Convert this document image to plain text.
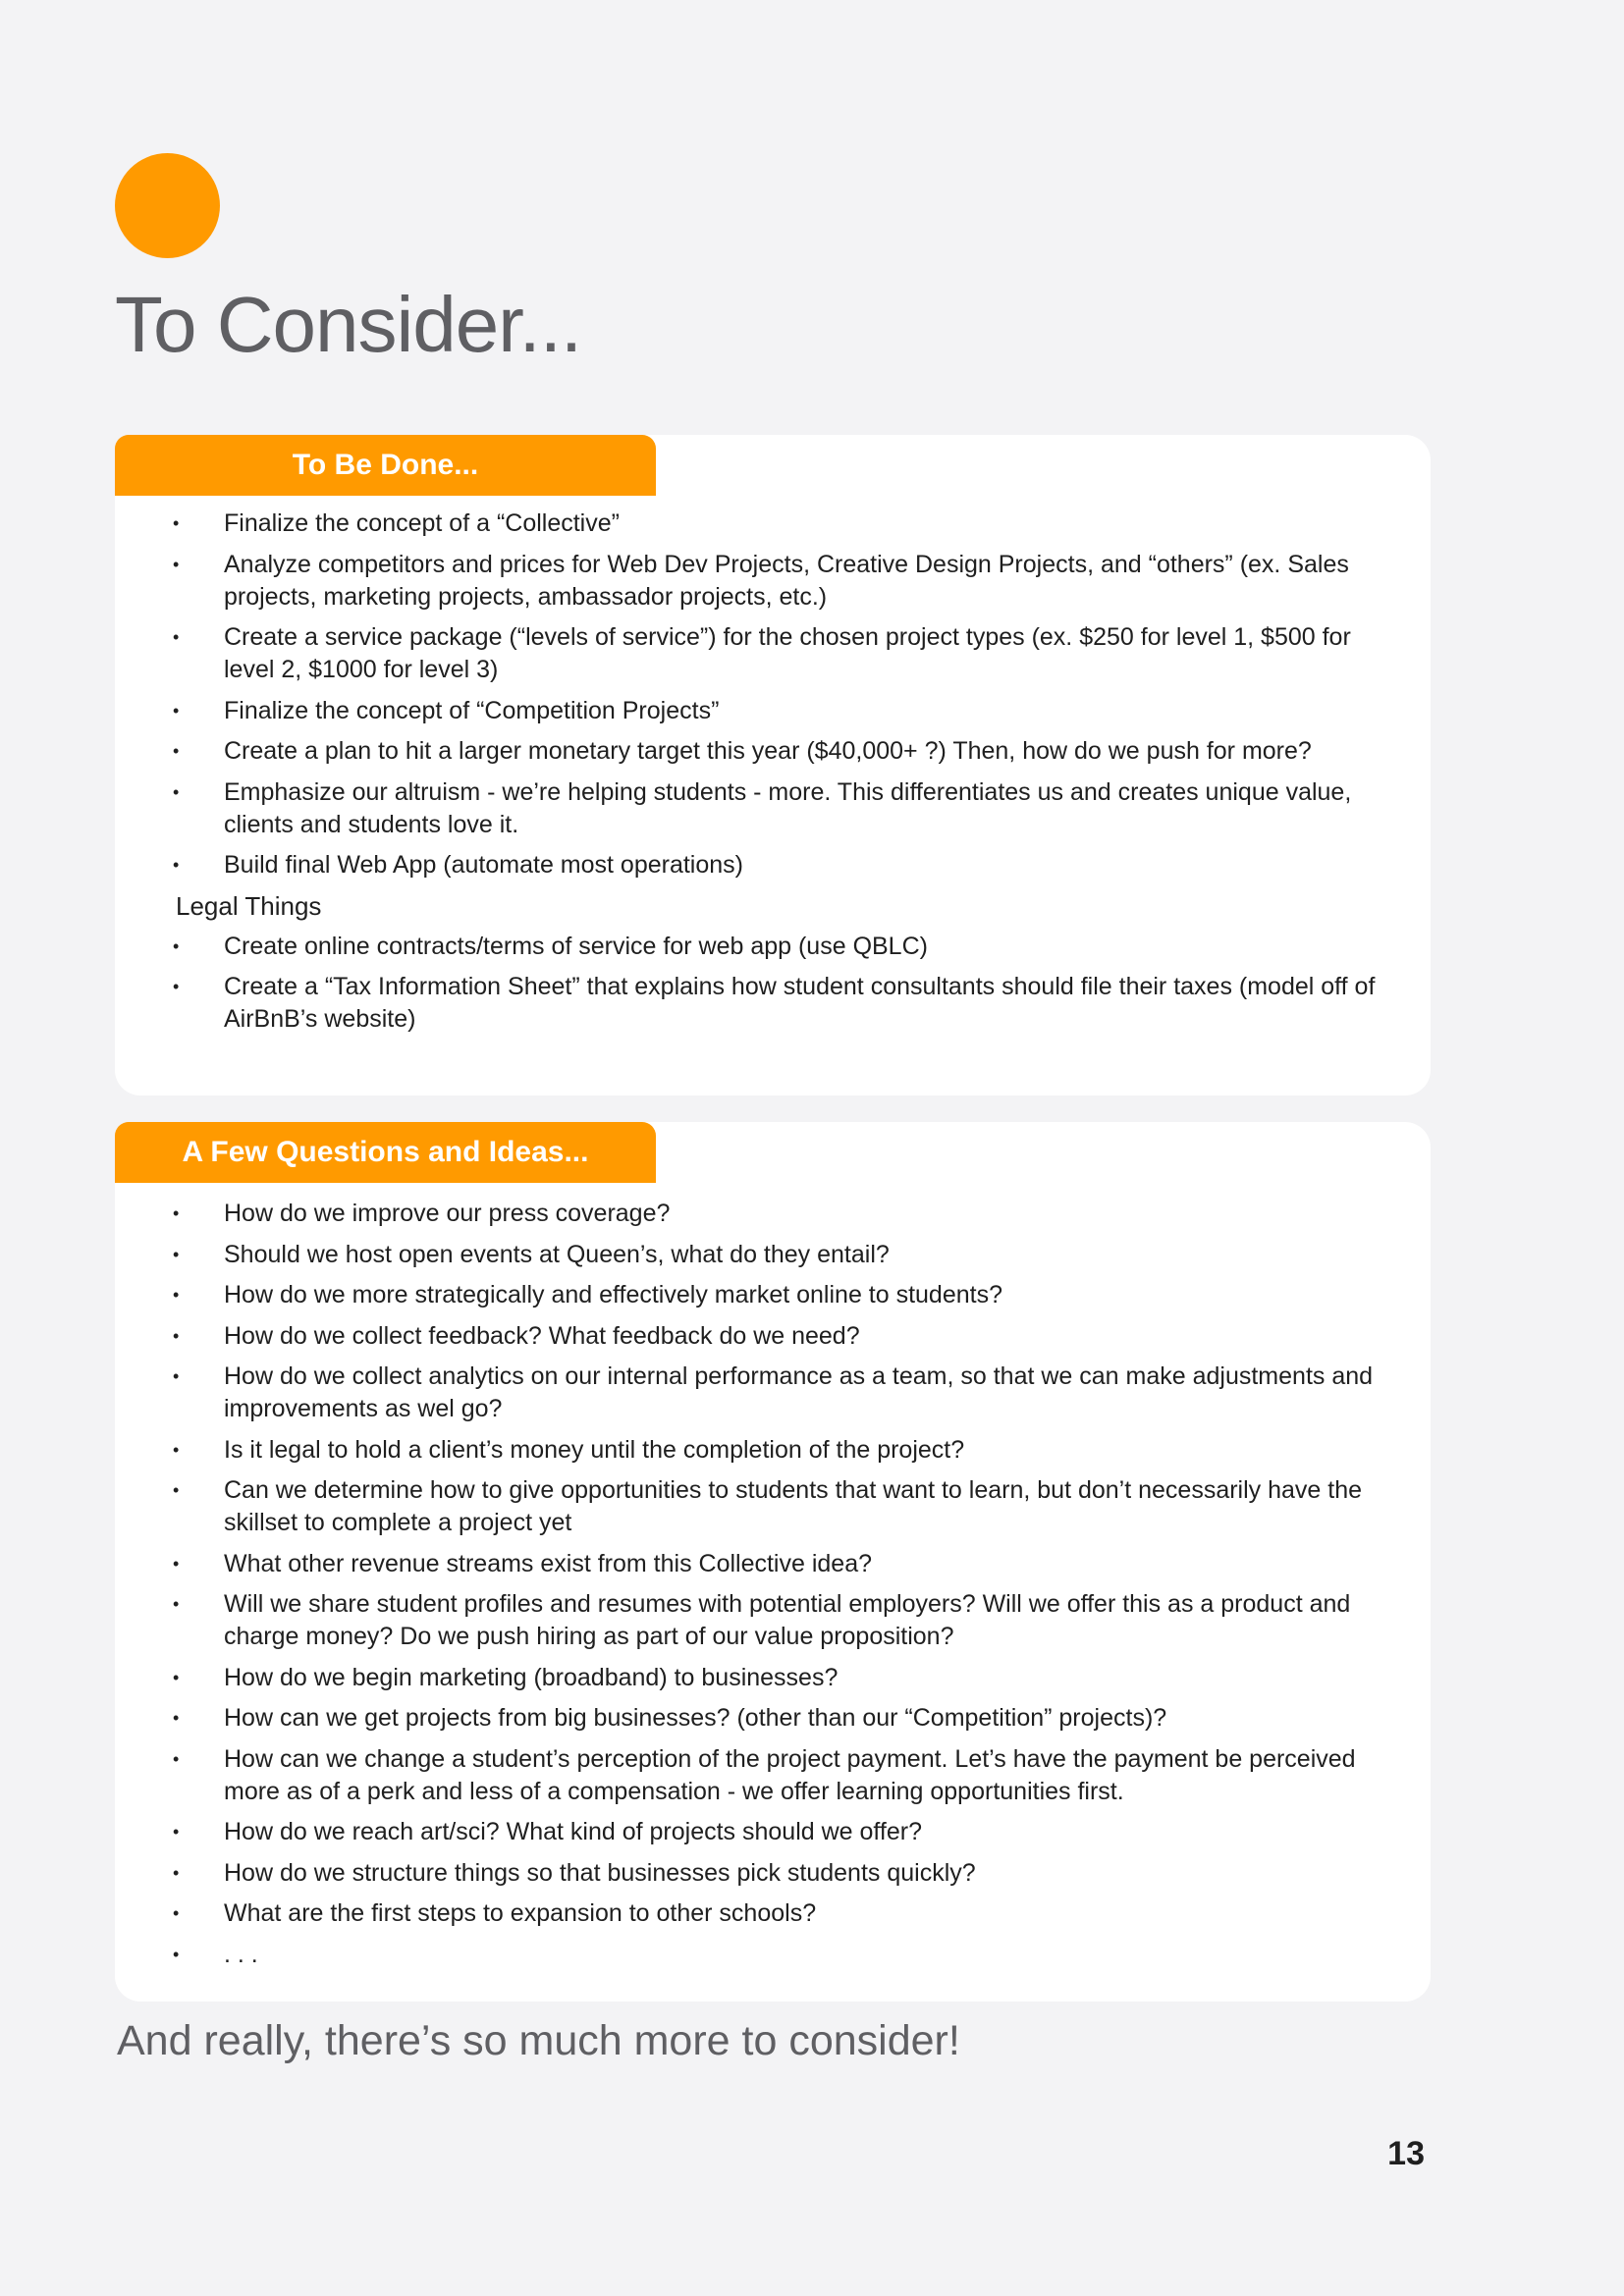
To Consider...
To Be Done...
• Finalize the concept of a “Collective”
• Analyze competitors and prices for Web Dev Projects, Creative Design Projects, and “others” (ex. Sales projects, marketing projects, ambassador projects, etc.)
• Create a service package (“levels of service”) for the chosen project types (ex. $250 for level 1, $500 for level 2, $1000 for level 3)
• Finalize the concept of “Competition Projects”
• Create a plan to hit a larger monetary target this year ($40,000+ ?) Then, how do we push for more?
• Emphasize our altruism - we’re helping students - more. This differentiates us and creates unique value, clients and students love it.
• Build final Web App (automate most operations)

Legal Things

• Create online contracts/terms of service for web app (use QBLC)
• Create a “Tax Information Sheet” that explains how student consultants should file their taxes (model off of AirBnB’s website)
A Few Questions and Ideas...
• How do we improve our press coverage?
• Should we host open events at Queen’s, what do they entail?
• How do we more strategically and effectively market online to students?
• How do we collect feedback? What feedback do we need?
• How do we collect analytics on our internal performance as a team, so that we can make adjustments and improvements as wel go?
• Is it legal to hold a client’s money until the completion of the project?
• Can we determine how to give opportunities to students that want to learn, but don’t necessarily have the skillset to complete a project yet
• What other revenue streams exist from this Collective idea?
• Will we share student profiles and resumes with potential employers? Will we offer this as a product and charge money? Do we push hiring as part of our value proposition?
• How do we begin marketing (broadband) to businesses?
• How can we get projects from big businesses? (other than our “Competition” projects)?
• How can we change a student’s perception of the project payment. Let’s have the payment be perceived more as of a perk and less of a compensation - we offer learning opportunities first.
• How do we reach art/sci? What kind of projects should we offer?
• How do we structure things so that businesses pick students quickly?
• What are the first steps to expansion to other schools?
• . . .

And really, there’s so much more to consider!

13
